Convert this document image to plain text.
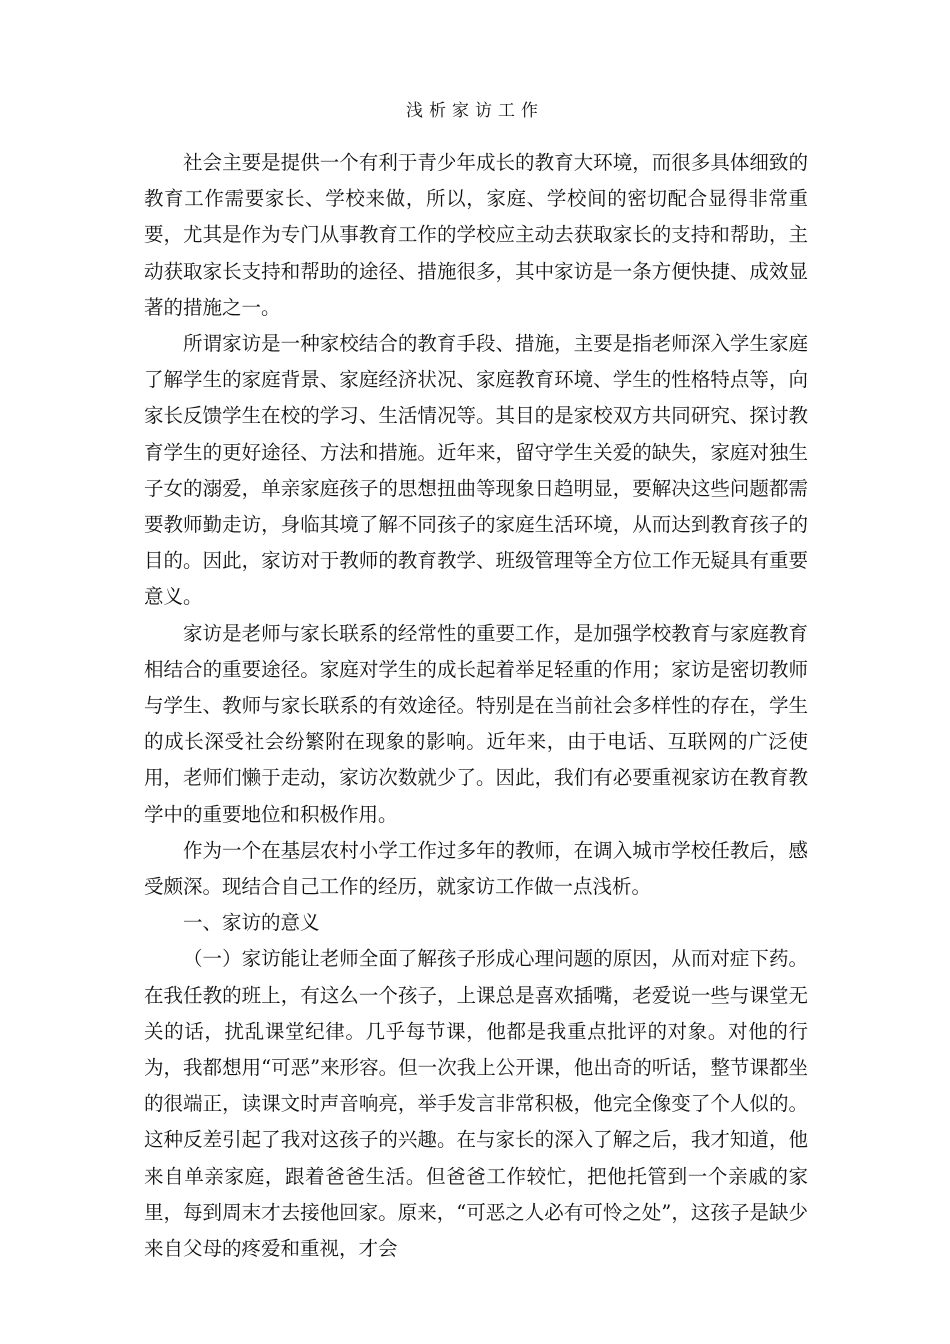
浅析家访工作

社会主要是提供一个有利于青少年成长的教育大环境，而很多具体细致的教育工作需要家长、学校来做，所以，家庭、学校间的密切配合显得非常重要，尤其是作为专门从事教育工作的学校应主动去获取家长的支持和帮助，主动获取家长支持和帮助的途径、措施很多，其中家访是一条方便快捷、成效显著的措施之一。

所谓家访是一种家校结合的教育手段、措施，主要是指老师深入学生家庭了解学生的家庭背景、家庭经济状况、家庭教育环境、学生的性格特点等，向家长反馈学生在校的学习、生活情况等。其目的是家校双方共同研究、探讨教育学生的更好途径、方法和措施。近年来，留守学生关爱的缺失，家庭对独生子女的溺爱，单亲家庭孩子的思想扭曲等现象日趋明显，要解决这些问题都需要教师勤走访，身临其境了解不同孩子的家庭生活环境，从而达到教育孩子的目的。因此，家访对于教师的教育教学、班级管理等全方位工作无疑具有重要意义。

家访是老师与家长联系的经常性的重要工作，是加强学校教育与家庭教育相结合的重要途径。家庭对学生的成长起着举足轻重的作用；家访是密切教师与学生、教师与家长联系的有效途径。特别是在当前社会多样性的存在，学生的成长深受社会纷繁附在现象的影响。近年来，由于电话、互联网的广泛使用，老师们懒于走动，家访次数就少了。因此，我们有必要重视家访在教育教学中的重要地位和积极作用。

作为一个在基层农村小学工作过多年的教师，在调入城市学校任教后，感受颇深。现结合自己工作的经历，就家访工作做一点浅析。

一、家访的意义

（一）家访能让老师全面了解孩子形成心理问题的原因，从而对症下药。在我任教的班上，有这么一个孩子，上课总是喜欢插嘴，老爱说一些与课堂无关的话，扰乱课堂纪律。几乎每节课，他都是我重点批评的对象。对他的行为，我都想用“可恶”来形容。但一次我上公开课，他出奇的听话，整节课都坐的很端正，读课文时声音响亮，举手发言非常积极，他完全像变了个人似的。这种反差引起了我对这孩子的兴趣。在与家长的深入了解之后，我才知道，他来自单亲家庭，跟着爸爸生活。但爸爸工作较忙，把他托管到一个亲戚的家里，每到周末才去接他回家。原来，“可恶之人必有可怜之处”，这孩子是缺少来自父母的疼爱和重视，才会
